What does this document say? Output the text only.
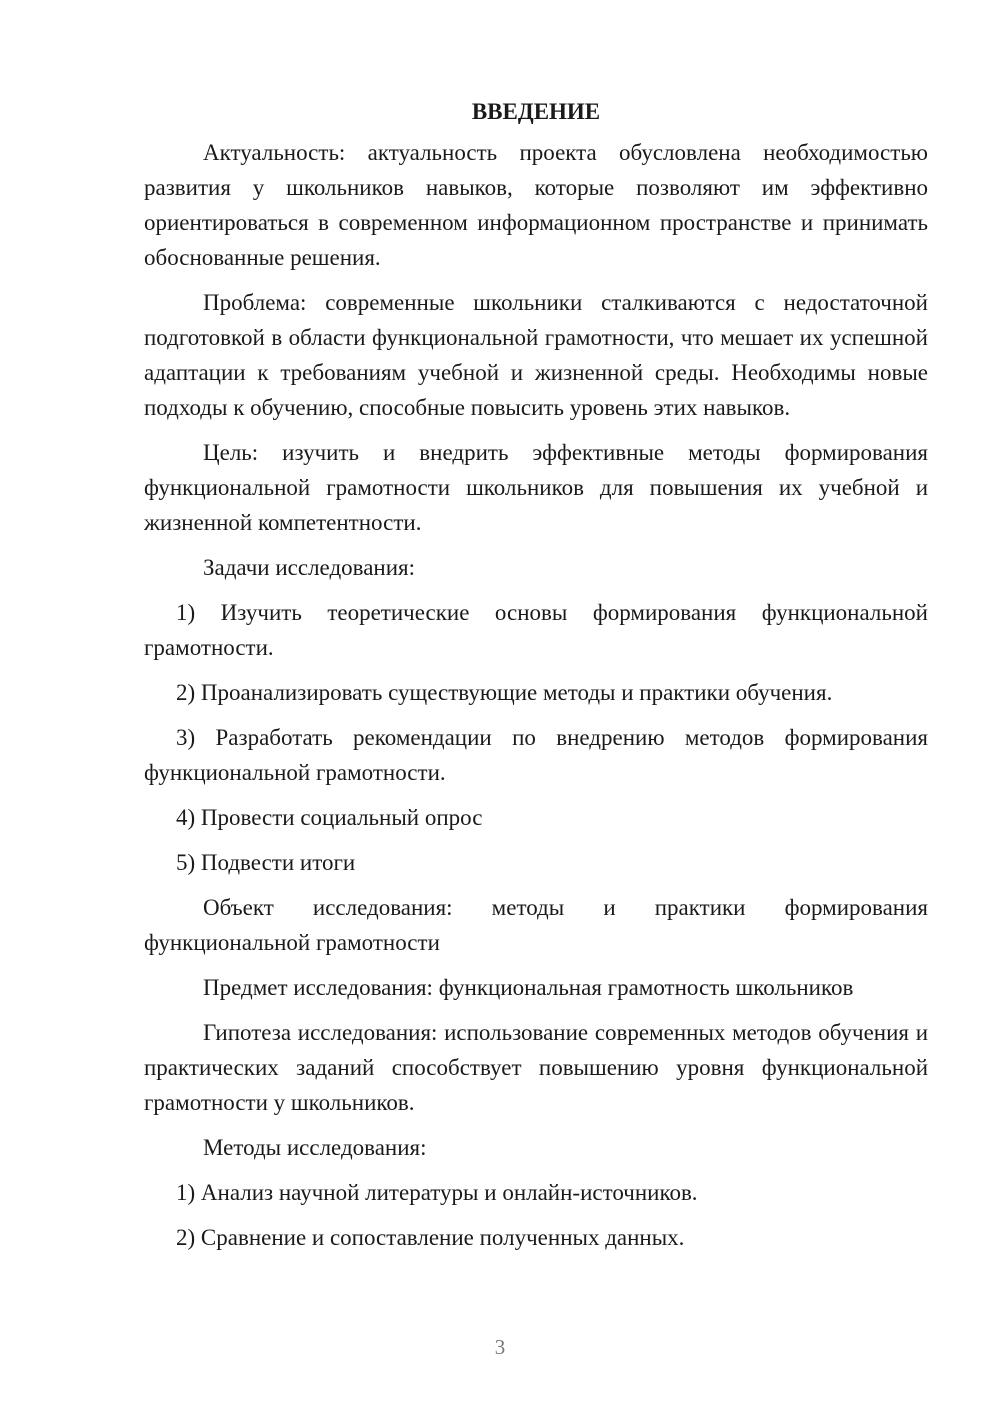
ВВЕДЕНИЕ

Актуальность: актуальность проекта обусловлена необходимостью развития у школьников навыков, которые позволяют им эффективно ориентироваться в современном информационном пространстве и принимать обоснованные решения.

Проблема: современные школьники сталкиваются с недостаточной подготовкой в области функциональной грамотности, что мешает их успешной адаптации к требованиям учебной и жизненной среды. Необходимы новые подходы к обучению, способные повысить уровень этих навыков.

Цель: изучить и внедрить эффективные методы формирования функциональной грамотности школьников для повышения их учебной и жизненной компетентности.

Задачи исследования:

1) Изучить теоретические основы формирования функциональной грамотности.

2) Проанализировать существующие методы и практики обучения.

3) Разработать рекомендации по внедрению методов формирования функциональной грамотности.

4) Провести социальный опрос

5) Подвести итоги

Объект исследования: методы и практики формирования функциональной грамотности

Предмет исследования: функциональная грамотность школьников

Гипотеза исследования: использование современных методов обучения и практических заданий способствует повышению уровня функциональной грамотности у школьников.

Методы исследования:

1) Анализ научной литературы и онлайн-источников.

2) Сравнение и сопоставление полученных данных.

3
